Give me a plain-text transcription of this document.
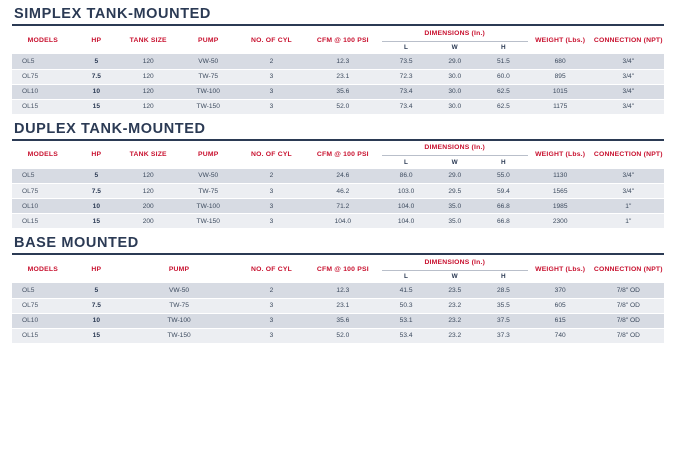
SIMPLEX TANK-MOUNTED
MODELS	HP	TANK SIZE	PUMP	NO. OF CYL	CFM @ 100 PSI	DIMENSIONS (In.)			WEIGHT (Lbs.)	CONNECTION (NPT)
						L	W	H		
OL5	5	120	VW-50	2	12.3	73.5	29.0	51.5	680	3/4"
OL75	7.5	120	TW-75	3	23.1	72.3	30.0	60.0	895	3/4"
OL10	10	120	TW-100	3	35.6	73.4	30.0	62.5	1015	3/4"
OL15	15	120	TW-150	3	52.0	73.4	30.0	62.5	1175	3/4"
DUPLEX TANK-MOUNTED
MODELS	HP	TANK SIZE	PUMP	NO. OF CYL	CFM @ 100 PSI	DIMENSIONS (In.)			WEIGHT (Lbs.)	CONNECTION (NPT)
						L	W	H		
OL5	5	120	VW-50	2	24.6	86.0	29.0	55.0	1130	3/4"
OL75	7.5	120	TW-75	3	46.2	103.0	29.5	59.4	1565	3/4"
OL10	10	200	TW-100	3	71.2	104.0	35.0	66.8	1985	1"
OL15	15	200	TW-150	3	104.0	104.0	35.0	66.8	2300	1"
BASE MOUNTED
MODELS	HP	PUMP	NO. OF CYL	CFM @ 100 PSI	DIMENSIONS (In.)			WEIGHT (Lbs.)	CONNECTION (NPT)
					L	W	H		
OL5	5	VW-50	2	12.3	41.5	23.5	28.5	370	7/8" OD
OL75	7.5	TW-75	3	23.1	50.3	23.2	35.5	605	7/8" OD
OL10	10	TW-100	3	35.6	53.1	23.2	37.5	615	7/8" OD
OL15	15	TW-150	3	52.0	53.4	23.2	37.3	740	7/8" OD
